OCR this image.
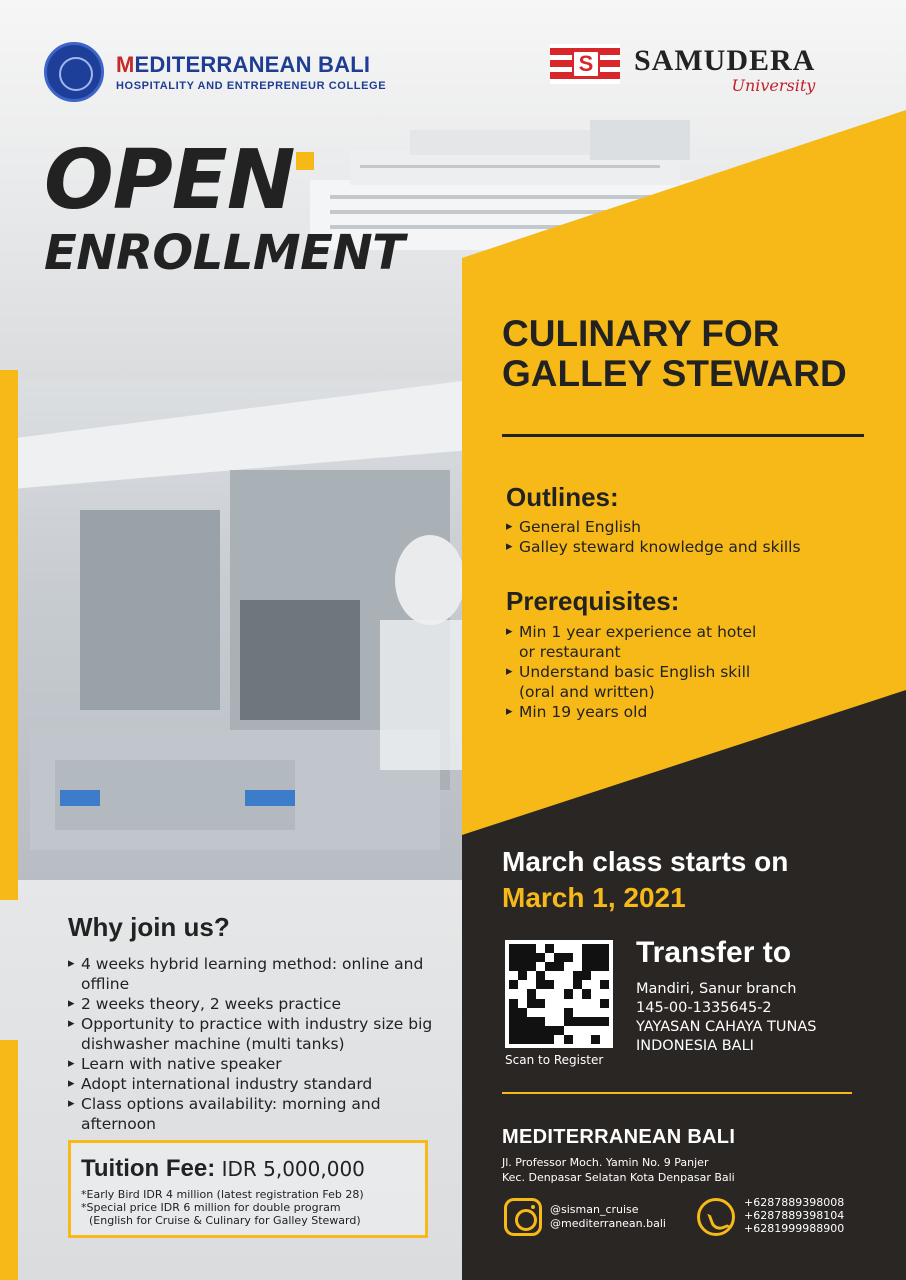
MEDITERRANEAN BALI
HOSPITALITY AND ENTREPRENEUR COLLEGE
S SAMUDERA
University
OPEN
ENROLLMENT
CULINARY FOR
GALLEY STEWARD
Outlines:
▸ General English
▸ Galley steward knowledge and skills
Prerequisites:
▸ Min 1 year experience at hotel or restaurant
▸ Understand basic English skill (oral and written)
▸ Min 19 years old
March class starts on
March 1, 2021
Scan to Register
Transfer to
Mandiri, Sanur branch
145-00-1335645-2
YAYASAN CAHAYA TUNAS
INDONESIA BALI
MEDITERRANEAN BALI
Jl. Professor Moch. Yamin No. 9 Panjer
Kec. Denpasar Selatan Kota Denpasar Bali
@sisman_cruise
@mediterranean.bali
+6287889398008
+6287889398104
+6281999988900
Why join us?
▸ 4 weeks hybrid learning method: online and offline
▸ 2 weeks theory, 2 weeks practice
▸ Opportunity to practice with industry size big dishwasher machine (multi tanks)
▸ Learn with native speaker
▸ Adopt international industry standard
▸ Class options availability: morning and afternoon
Tuition Fee: IDR 5,000,000
*Early Bird IDR 4 million (latest registration Feb 28)
*Special price IDR 6 million for double program
(English for Cruise & Culinary for Galley Steward)
